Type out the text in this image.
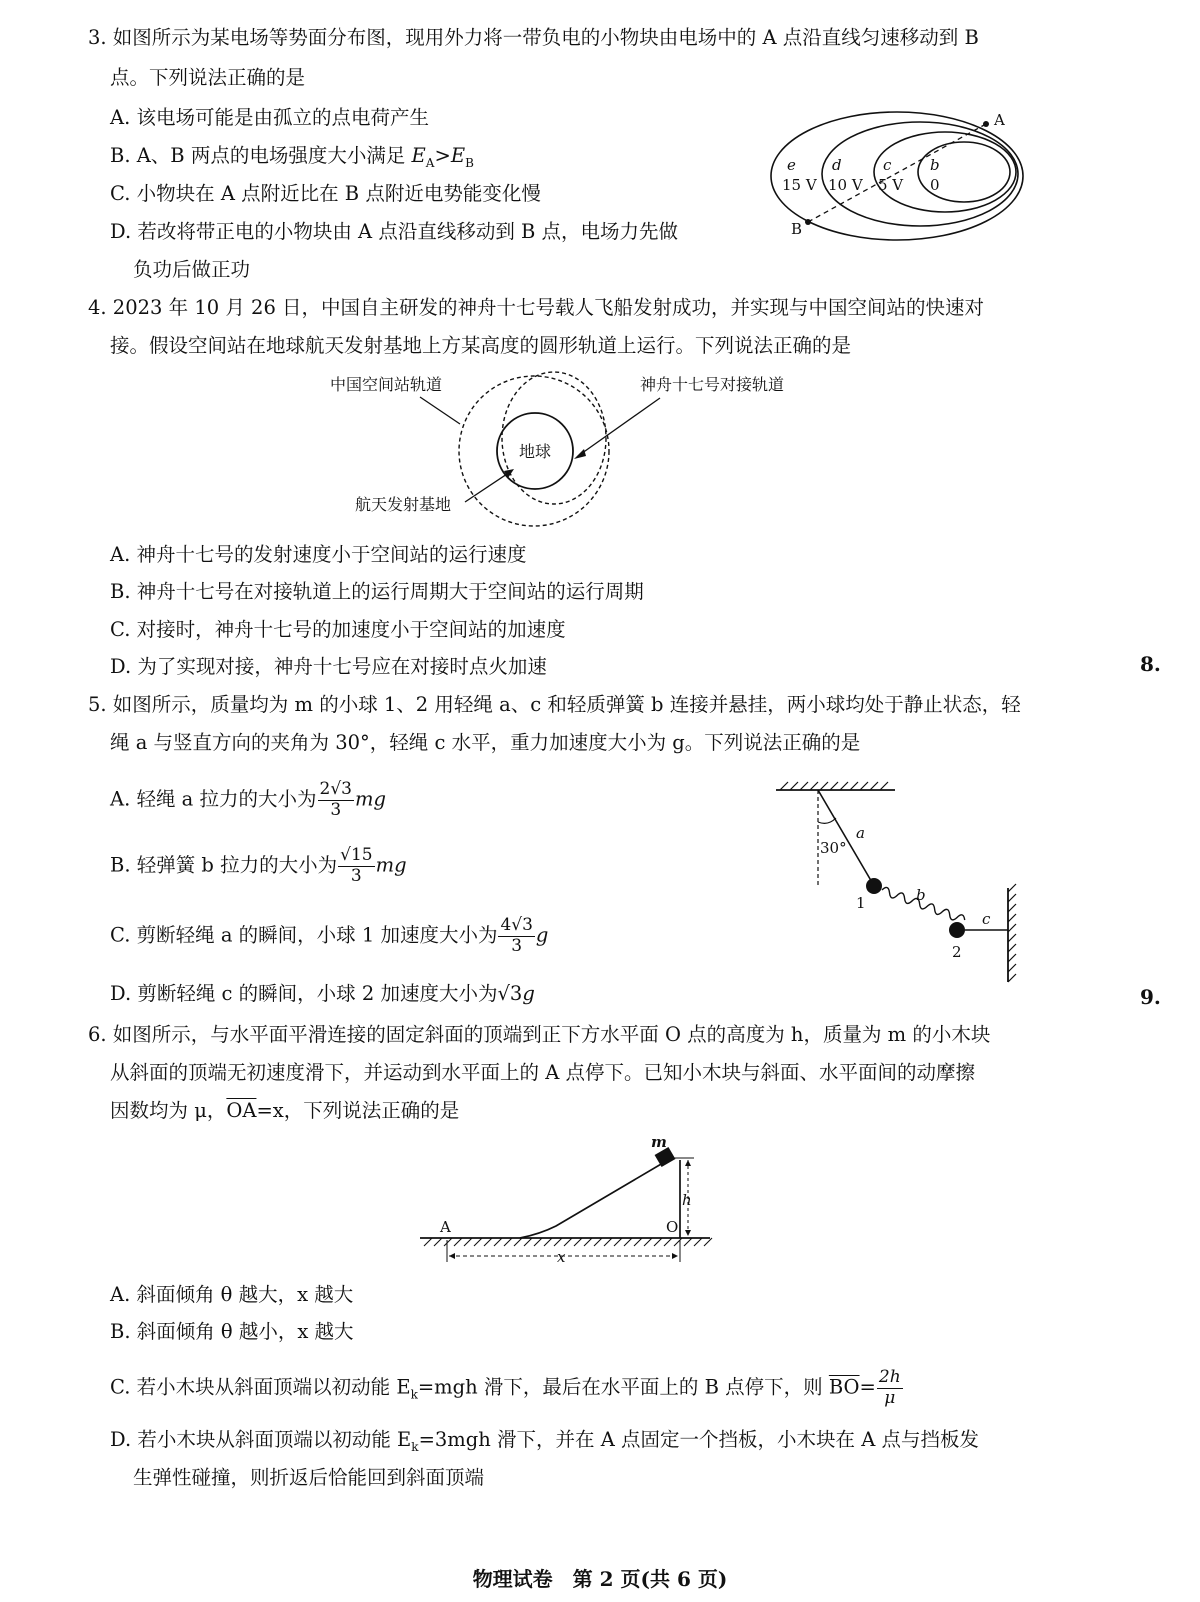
3. 如图所示为某电场等势面分布图，现用外力将一带负电的小物块由电场中的 A 点沿直线匀速移动到 B
点。下列说法正确的是
A. 该电场可能是由孤立的点电荷产生
B. A、B 两点的电场强度大小满足 $E_A>E_B$
C. 小物块在 A 点附近比在 B 点附近电势能变化慢
D. 若改将带正电的小物块由 A 点沿直线移动到 B 点，电场力先做
负功后做正功
A
B
e
15 V
d
10 V
c
5 V
b
0
4. 2023 年 10 月 26 日，中国自主研发的神舟十七号载人飞船发射成功，并实现与中国空间站的快速对
接。假设空间站在地球航天发射基地上方某高度的圆形轨道上运行。下列说法正确的是
地球
中国空间站轨道	神舟十七号对接轨道
航天发射基地
A. 神舟十七号的发射速度小于空间站的运行速度
B. 神舟十七号在对接轨道上的运行周期大于空间站的运行周期
C. 对接时，神舟十七号的加速度小于空间站的加速度
D. 为了实现对接，神舟十七号应在对接时点火加速
5. 如图所示，质量均为 m 的小球 1、2 用轻绳 a、c 和轻质弹簧 b 连接并悬挂，两小球均处于静止状态，轻
绳 a 与竖直方向的夹角为 30°，轻绳 c 水平，重力加速度大小为 g。下列说法正确的是
A. 轻绳 a 拉力的大小为 $\frac{2√3}{3}$ mg
B. 轻弹簧 b 拉力的大小为 $\frac{√15}{3}$ mg
C. 剪断轻绳 a 的瞬间，小球 1 加速度大小为 $\frac{4√3}{3}$ g
D. 剪断轻绳 c 的瞬间，小球 2 加速度大小为√3g
30°
a
1	b
2
c
6. 如图所示，与水平面平滑连接的固定斜面的顶端到正下方水平面 O 点的高度为 h，质量为 m 的小木块
从斜面的顶端无初速度滑下，并运动到水平面上的 A 点停下。已知小木块与斜面、水平面间的动摩擦
因数均为 μ，$\overline{OA}=x$，下列说法正确的是
h
m
A	O
x
A. 斜面倾角 θ 越大，x 越大
B. 斜面倾角 θ 越小，x 越大
C. 若小木块从斜面顶端以初动能 $E_k=mgh$ 滑下，最后在水平面上的 B 点停下，则 $\overline{BO}= \frac{2h}{\mu}$
D. 若小木块从斜面顶端以初动能 $E_k=3mgh$ 滑下，并在 A 点固定一个挡板，小木块在 A 点与挡板发
生弹性碰撞，则折返后恰能回到斜面顶端
8.
9.
物理试卷　第 2 页(共 6 页)
